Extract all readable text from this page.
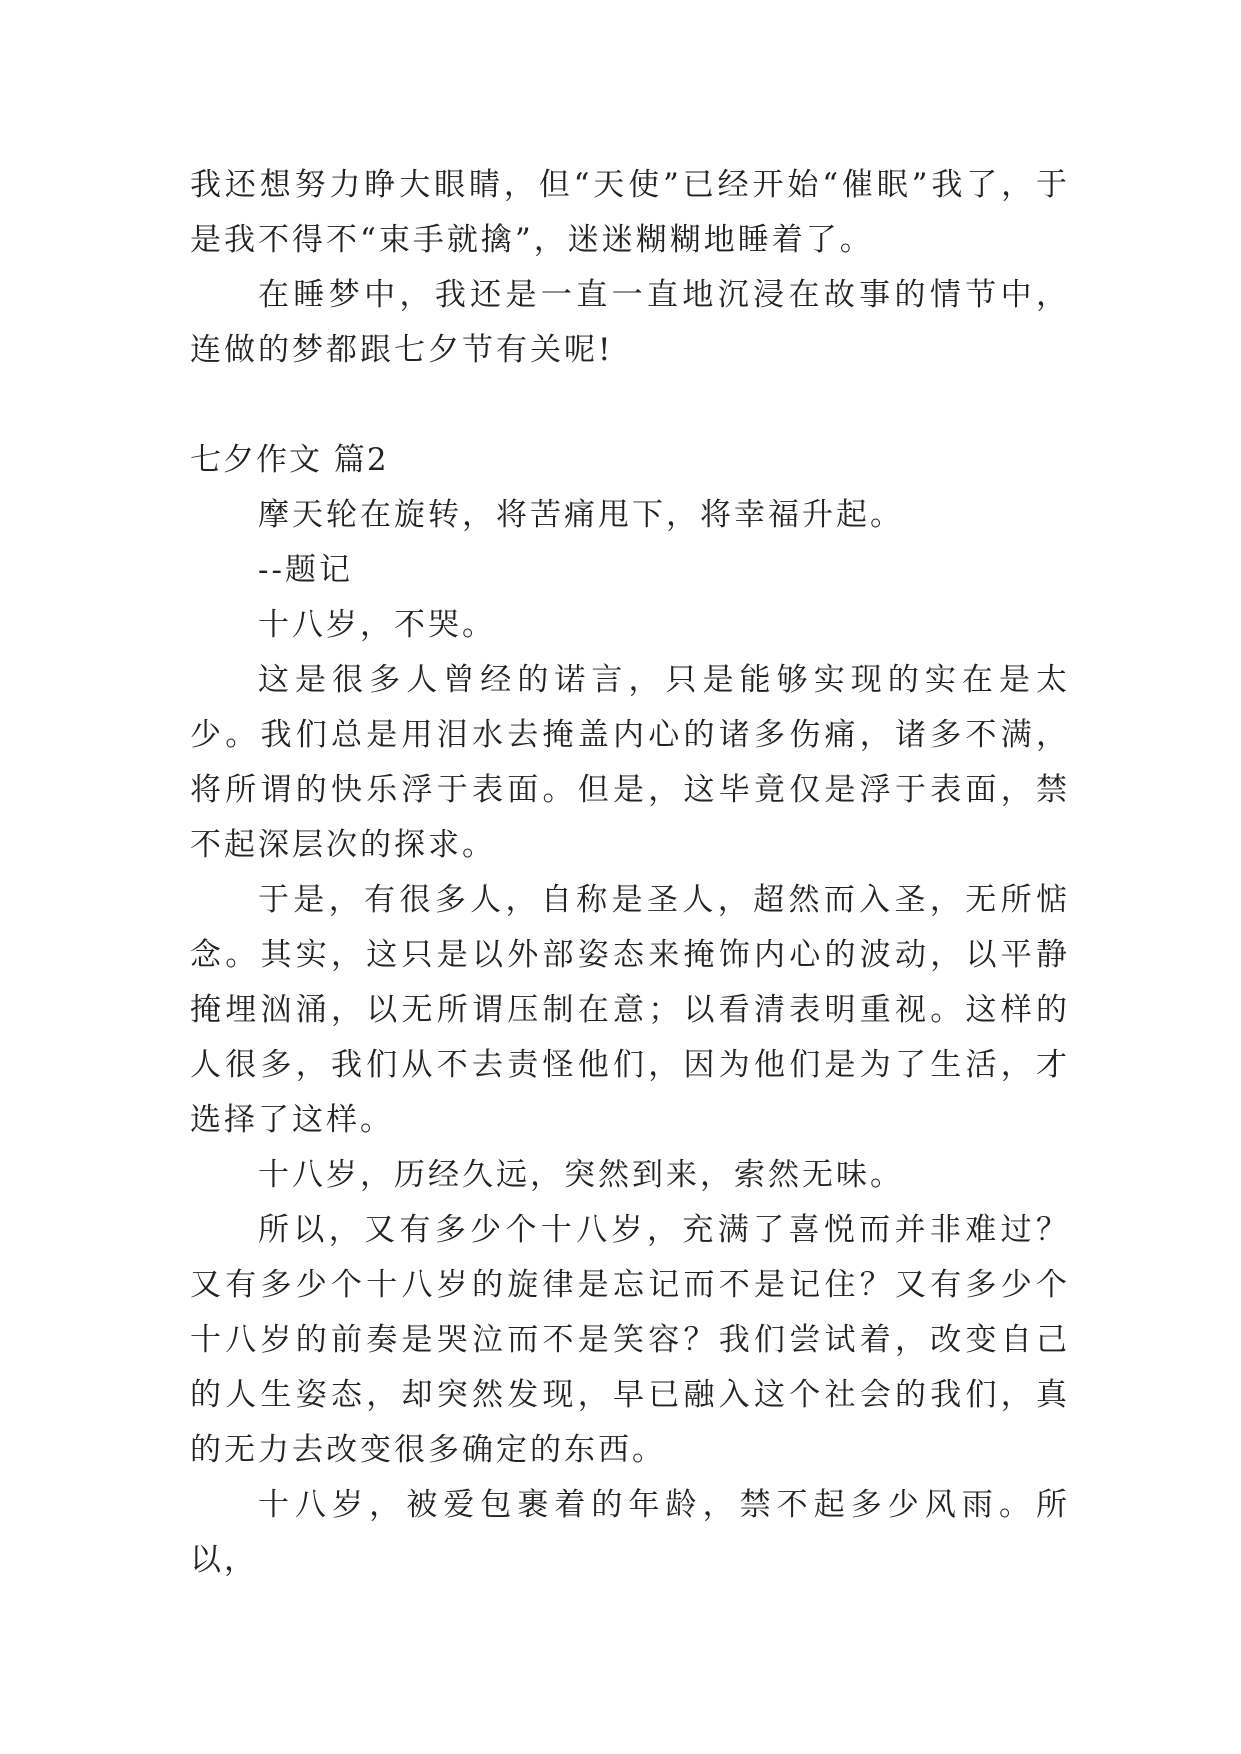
我还想努力睁大眼睛，但“天使”已经开始“催眠”我了，于是我不得不“束手就擒”，迷迷糊糊地睡着了。

在睡梦中，我还是一直一直地沉浸在故事的情节中，连做的梦都跟七夕节有关呢!

七夕作文 篇2

摩天轮在旋转，将苦痛甩下，将幸福升起。

--题记

十八岁，不哭。

这是很多人曾经的诺言，只是能够实现的实在是太少。我们总是用泪水去掩盖内心的诸多伤痛，诸多不满，将所谓的快乐浮于表面。但是，这毕竟仅是浮于表面，禁不起深层次的探求。

于是，有很多人，自称是圣人，超然而入圣，无所惦念。其实，这只是以外部姿态来掩饰内心的波动，以平静掩埋汹涌，以无所谓压制在意；以看清表明重视。这样的人很多，我们从不去责怪他们，因为他们是为了生活，才选择了这样。

十八岁，历经久远，突然到来，索然无味。

所以，又有多少个十八岁，充满了喜悦而并非难过？又有多少个十八岁的旋律是忘记而不是记住？又有多少个十八岁的前奏是哭泣而不是笑容？我们尝试着，改变自己的人生姿态，却突然发现，早已融入这个社会的我们，真的无力去改变很多确定的东西。

十八岁，被爱包裹着的年龄，禁不起多少风雨。所以，
